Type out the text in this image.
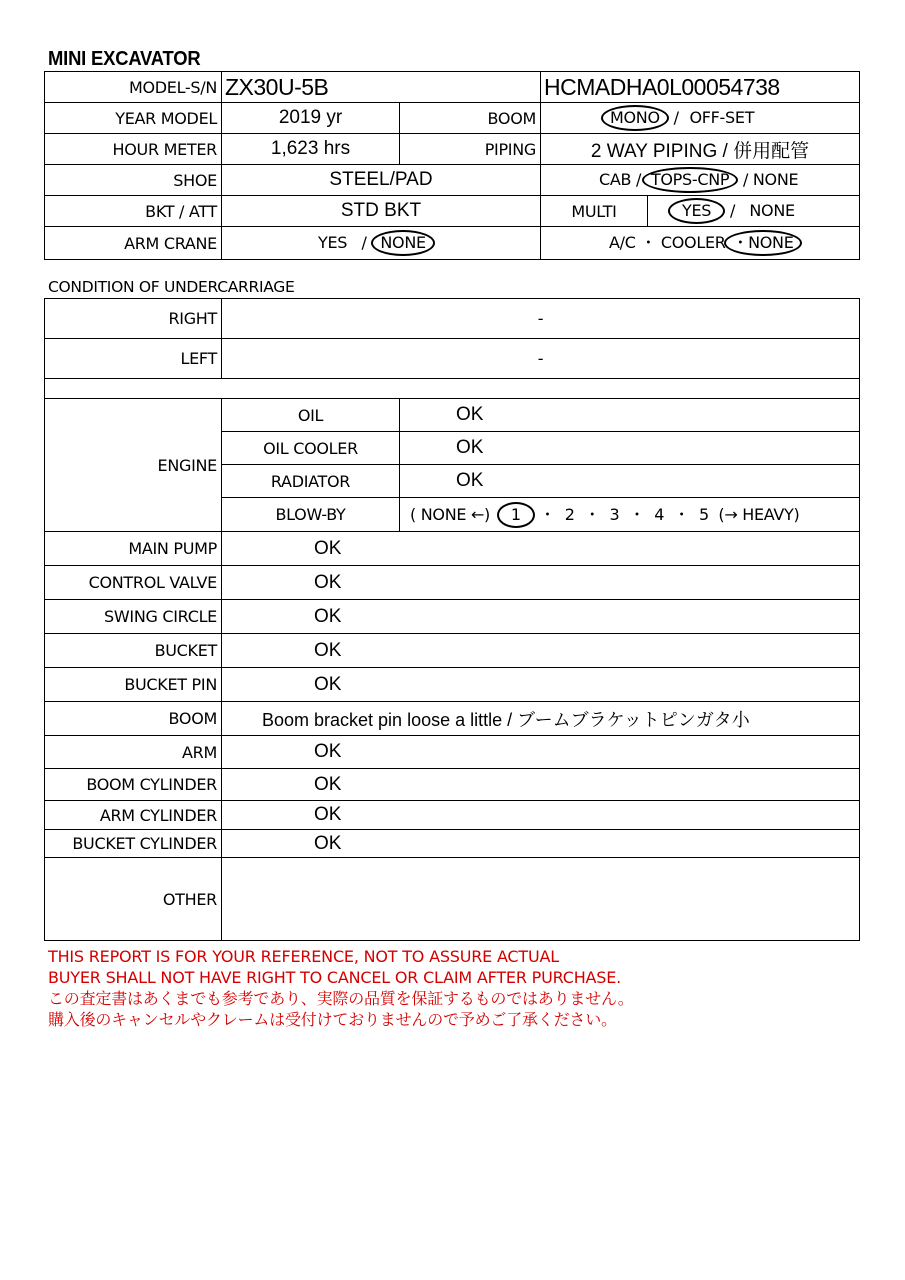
MINI EXCAVATOR
MODEL-S/N	ZX30U-5B		HCMADHA0L00054738	
YEAR MODEL	2019 yr	BOOM	MONO / OFF-SET	
HOUR METER	1,623 hrs	PIPING	2 WAY PIPING / 併用配管	
SHOE	STEEL/PAD		CAB / TOPS-CNP / NONE	
BKT / ATT	STD BKT		MULTI	YES /   NONE
ARM CRANE	YES   / NONE		A/C ・ COOLER ・NONE	
CONDITION OF UNDERCARRIAGE
RIGHT	-	
LEFT	-	

ENGINE	OIL	OK
	OIL COOLER	OK
	RADIATOR	OK
	BLOW-BY	( NONE ←) 1 ・  2  ・  3  ・  4  ・  5  (→ HEAVY)
MAIN PUMP	OK	
CONTROL VALVE	OK	
SWING CIRCLE	OK	
BUCKET	OK	
BUCKET PIN	OK	
BOOM	Boom bracket pin loose a little / ブームブラケットピンガタ小	
ARM	OK	
BOOM CYLINDER	OK	
ARM CYLINDER	OK	
BUCKET CYLINDER	OK	
OTHER		
THIS REPORT IS FOR YOUR REFERENCE, NOT TO ASSURE ACTUAL
BUYER SHALL NOT HAVE RIGHT TO CANCEL OR CLAIM AFTER PURCHASE.
この査定書はあくまでも参考であり、実際の品質を保証するものではありません。
購入後のキャンセルやクレームは受付けておりませんので予めご了承ください。
